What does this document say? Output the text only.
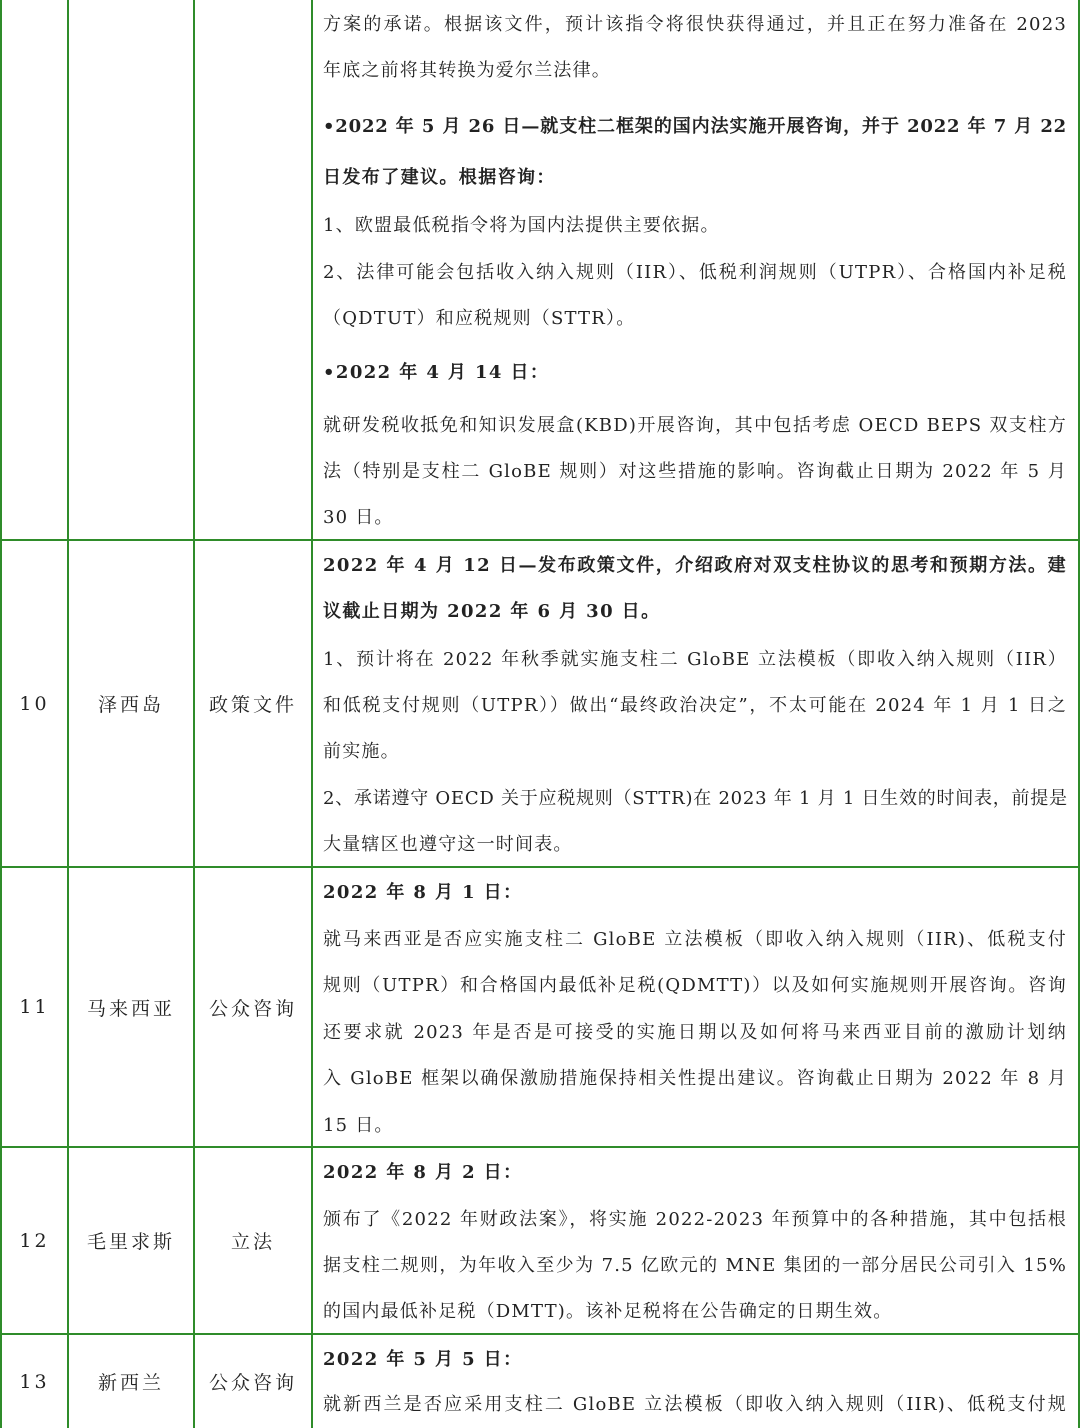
方案的承诺。根据该文件，预计该指令将很快获得通过，并且正在努力准备在 2023
年底之前将其转换为爱尔兰法律。
•2022 年 5 月 26 日—就支柱二框架的国内法实施开展咨询，并于 2022 年 7 月 22
日发布了建议。根据咨询：
1、欧盟最低税指令将为国内法提供主要依据。
2、法律可能会包括收入纳入规则（IIR）、低税利润规则（UTPR）、合格国内补足税
（QDTUT）和应税规则（STTR）。
•2022 年 4 月 14 日：
就研发税收抵免和知识发展盒(KBD)开展咨询，其中包括考虑 OECD BEPS 双支柱方
法（特别是支柱二 GloBE 规则）对这些措施的影响。咨询截止日期为 2022 年 5 月
30 日。
10	泽西岛	政策文件
2022 年 4 月 12 日—发布政策文件，介绍政府对双支柱协议的思考和预期方法。建
议截止日期为 2022 年 6 月 30 日。
1、预计将在 2022 年秋季就实施支柱二 GloBE 立法模板（即收入纳入规则（IIR）
和低税支付规则（UTPR））做出“最终政治决定”，不太可能在 2024 年 1 月 1 日之
前实施。
2、承诺遵守 OECD 关于应税规则（STTR)在 2023 年 1 月 1 日生效的时间表，前提是
大量辖区也遵守这一时间表。
11	马来西亚	公众咨询
2022 年 8 月 1 日：
就马来西亚是否应实施支柱二 GloBE 立法模板（即收入纳入规则（IIR)、低税支付
规则（UTPR）和合格国内最低补足税(QDMTT)）以及如何实施规则开展咨询。咨询
还要求就 2023 年是否是可接受的实施日期以及如何将马来西亚目前的激励计划纳
入 GloBE 框架以确保激励措施保持相关性提出建议。咨询截止日期为 2022 年 8 月
15 日。
12	毛里求斯	立法
2022 年 8 月 2 日：
颁布了《2022 年财政法案》，将实施 2022-2023 年预算中的各种措施，其中包括根
据支柱二规则，为年收入至少为 7.5 亿欧元的 MNE 集团的一部分居民公司引入 15%
的国内最低补足税（DMTT)。该补足税将在公告确定的日期生效。
13	新西兰	公众咨询
2022 年 5 月 5 日：
就新西兰是否应采用支柱二 GloBE 立法模板（即收入纳入规则（IIR)、低税支付规
